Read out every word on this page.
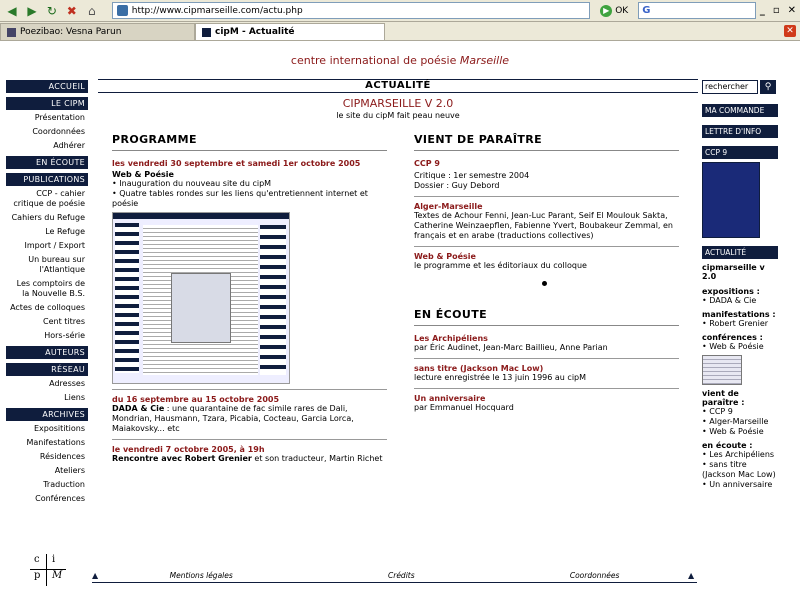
◀ ▶ ↻ ✖ ⌂	http://www.cipmarseille.com/actu.php	▶ OK	G	_ ▫ ✕
Poezibao: Vesna Parun	cipM - Actualité	✕
centre international de poésie Marseille
ACCUEIL
LE CIPM
Présentation
Coordonnées
Adhérer
EN ÉCOUTE
PUBLICATIONS
CCP - cahier critique de poésie
Cahiers du Refuge
Le Refuge
Import / Export
Un bureau sur l'Atlantique
Les comptoirs de la Nouvelle B.S.
Actes de colloques
Cent titres
Hors-série
AUTEURS
RÉSEAU
Adresses
Liens
ARCHIVES
Exposititions
Manifestations
Résidences
Ateliers
Traduction
Conférences
ACTUALITÉ
CIPMARSEILLE V 2.0
le site du cipM fait peau neuve
PROGRAMME
les vendredi 30 septembre et samedi 1er octobre 2005
Web & Poésie
• Inauguration du nouveau site du cipM
• Quatre tables rondes sur les liens qu'entretiennent internet et poésie
du 16 septembre au 15 octobre 2005
DADA & Cie : une quarantaine de fac simile rares de Dali, Mondrian, Hausmann, Tzara, Picabia, Cocteau, Garcia Lorca, Maiakovsky... etc
le vendredi 7 octobre 2005, à 19h
Rencontre avec Robert Grenier et son traducteur, Martin Richet
VIENT DE PARAÎTRE
CCP 9
Critique : 1er semestre 2004
Dossier : Guy Debord
Alger-Marseille
Textes de Achour Fenni, Jean-Luc Parant, Seif El Moulouk Sakta, Catherine Weinzaepflen, Fabienne Yvert, Boubakeur Zemmal, en français et en arabe (traductions collectives)
Web & Poésie
le programme et les éditoriaux du colloque
EN ÉCOUTE
Les Archipéliens
par Éric Audinet, Jean-Marc Baillieu, Anne Parian
sans titre (Jackson Mac Low)
lecture enregistrée le 13 juin 1996 au cipM
Un anniversaire
par Emmanuel Hocquard
rechercher	⚲
MA COMMANDE
LETTRE D'INFO
CCP 9
ACTUALITÉ
cipmarseille v 2.0
expositions :
• DADA & Cie
manifestations :
• Robert Grenier
conférences :
• Web & Poésie
vient de paraître :
• CCP 9
• Alger-Marseille
• Web & Poésie
en écoute :
• Les Archipéliens
• sans titre (Jackson Mac Low)
• Un anniversaire
c i
p M	▲	Mentions légales	Crédits	Coordonnées	▲
